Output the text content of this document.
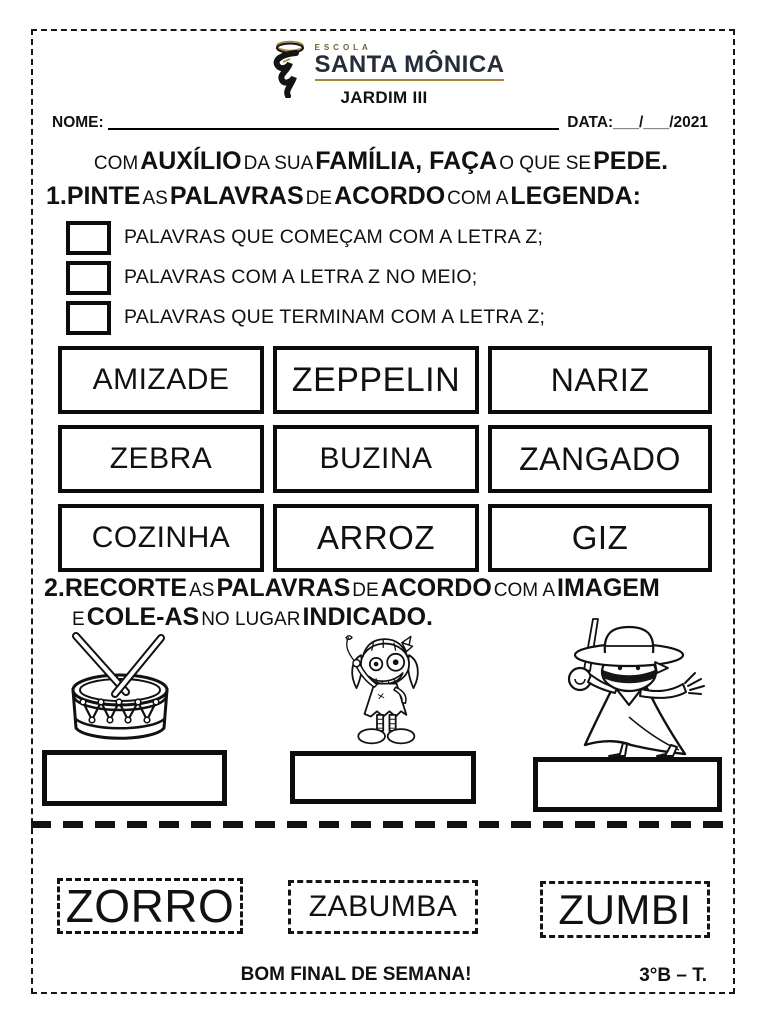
ESCOLA
SANTA MÔNICA
JARDIM III
NOME:	DATA:___/___/2021
COMAUXÍLIO DA SUAFAMÍLIA, FAÇA O QUE SEPEDE.
1.PINTE ASPALAVRAS DEACORDO COM ALEGENDA:
PALAVRAS QUE COMEÇAM COM A LETRA Z;
PALAVRAS COM A LETRA Z NO MEIO;
PALAVRAS QUE TERMINAM COM A LETRA Z;
AMIZADE	ZEPPELIN	NARIZ
ZEBRA	BUZINA	ZANGADO
COZINHA	ARROZ	GIZ
2.RECORTE ASPALAVRAS DEACORDO COM AIMAGEM
ECOLE-AS NO LUGARINDICADO.
ZORRO	ZABUMBA	ZUMBI
BOM FINAL DE SEMANA!	3°B – T.
